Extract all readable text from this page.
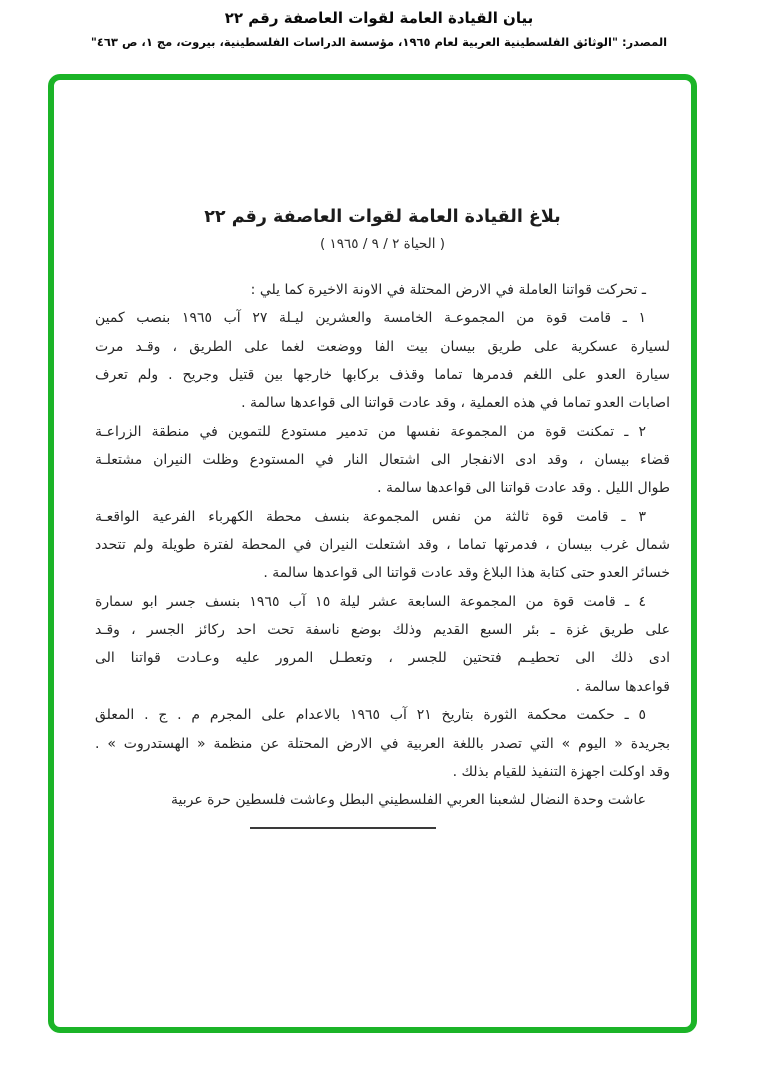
بيان القيادة العامة لقوات العاصفة رقم ٢٢
المصدر: "الوثائق الفلسطينية العربية لعام ١٩٦٥، مؤسسة الدراسات الفلسطينية، بيروت، مج ١، ص ٤٦٣"
بلاغ القيادة العامة لقوات العاصفة رقم ٢٢
( الحياة ٢ / ٩ / ١٩٦٥ )
ـ تحركت قواتنا العاملة في الارض المحتلة في الاونة الاخيرة كما يلي :
١ ـ قامت قوة من المجموعـة الخامسة والعشرين ليـلة ٢٧ آب ١٩٦٥ بنصب كمين
لسيارة عسكرية على طريق بيسان بيت الفا ووضعت لغما على الطريق ، وقـد مرت
سيارة العدو على اللغم فدمرها تماما وقذف بركابها خارجها بين قتيل وجريح . ولم تعرف
اصابات العدو تماما في هذه العملية ، وقد عادت قواتنا الى قواعدها سالمة .
٢ ـ تمكنت قوة من المجموعة نفسها من تدمير مستودع للتموين في منطقة الزراعـة
قضاء بيسان ، وقد ادى الانفجار الى اشتعال النار في المستودع وظلت النيران مشتعلـة
طوال الليل . وقد عادت قواتنا الى قواعدها سالمة .
٣ ـ قامت قوة ثالثة من نفس المجموعة بنسف محطة الكهرباء الفرعية الواقعـة
شمال غرب بيسان ، فدمرتها تماما ، وقد اشتعلت النيران في المحطة لفترة طويلة ولم تتحدد
خسائر العدو حتى كتابة هذا البلاغ وقد عادت قواتنا الى قواعدها سالمة .
٤ ـ قامت قوة من المجموعة السابعة عشر ليلة ١٥ آب ١٩٦٥ بنسف جسر ابو سمارة
على طريق غزة ـ بئر السبع القديم وذلك بوضع ناسفة تحت احد ركائز الجسر ، وقـد
ادى ذلك الى تحطيـم فتحتين للجسر ، وتعطـل المرور عليه وعـادت قواتنا الى
قواعدها سالمة .
٥ ـ حكمت محكمة الثورة بتاريخ ٢١ آب ١٩٦٥ بالاعدام على المجرم م . ج . المعلق
بجريدة « اليوم » التي تصدر باللغة العربية في الارض المحتلة عن منظمة « الهستدروت » .
وقد اوكلت اجهزة التنفيذ للقيام بذلك .
عاشت وحدة النضال لشعبنا العربي الفلسطيني البطل وعاشت فلسطين حرة عربية
